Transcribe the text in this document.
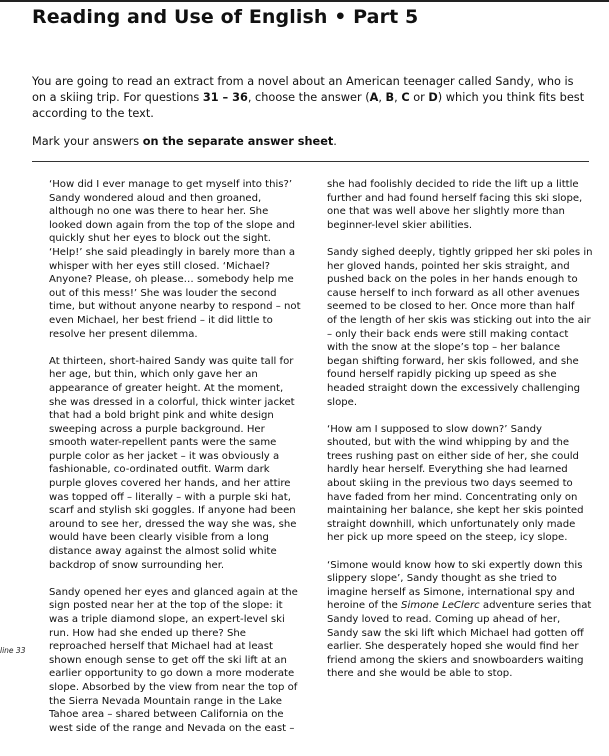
Reading and Use of English • Part 5

You are going to read an extract from a novel about an American teenager called Sandy, who is on a skiing trip. For questions 31 – 36, choose the answer (A, B, C or D) which you think fits best according to the text.

Mark your answers on the separate answer sheet.

line 33

‘How did I ever manage to get myself into this?’
Sandy wondered aloud and then groaned,
although no one was there to hear her. She
looked down again from the top of the slope and
quickly shut her eyes to block out the sight.
‘Help!’ she said pleadingly in barely more than a
whisper with her eyes still closed. ‘Michael?
Anyone? Please, oh please… somebody help me
out of this mess!’ She was louder the second
time, but without anyone nearby to respond – not
even Michael, her best friend – it did little to
resolve her present dilemma.

At thirteen, short-haired Sandy was quite tall for
her age, but thin, which only gave her an
appearance of greater height. At the moment,
she was dressed in a colorful, thick winter jacket
that had a bold bright pink and white design
sweeping across a purple background. Her
smooth water-repellent pants were the same
purple color as her jacket – it was obviously a
fashionable, co-ordinated outfit. Warm dark
purple gloves covered her hands, and her attire
was topped off – literally – with a purple ski hat,
scarf and stylish ski goggles. If anyone had been
around to see her, dressed the way she was, she
would have been clearly visible from a long
distance away against the almost solid white
backdrop of snow surrounding her.

Sandy opened her eyes and glanced again at the
sign posted near her at the top of the slope: it
was a triple diamond slope, an expert-level ski
run. How had she ended up there? She
reproached herself that Michael had at least
shown enough sense to get off the ski lift at an
earlier opportunity to go down a more moderate
slope. Absorbed by the view from near the top of
the Sierra Nevada Mountain range in the Lake
Tahoe area – shared between California on the
west side of the range and Nevada on the east –

she had foolishly decided to ride the lift up a little
further and had found herself facing this ski slope,
one that was well above her slightly more than
beginner-level skier abilities.

Sandy sighed deeply, tightly gripped her ski poles in
her gloved hands, pointed her skis straight, and
pushed back on the poles in her hands enough to
cause herself to inch forward as all other avenues
seemed to be closed to her. Once more than half
of the length of her skis was sticking out into the air
– only their back ends were still making contact
with the snow at the slope’s top – her balance
began shifting forward, her skis followed, and she
found herself rapidly picking up speed as she
headed straight down the excessively challenging
slope.

‘How am I supposed to slow down?’ Sandy
shouted, but with the wind whipping by and the
trees rushing past on either side of her, she could
hardly hear herself. Everything she had learned
about skiing in the previous two days seemed to
have faded from her mind. Concentrating only on
maintaining her balance, she kept her skis pointed
straight downhill, which unfortunately only made
her pick up more speed on the steep, icy slope.

‘Simone would know how to ski expertly down this
slippery slope’, Sandy thought as she tried to
imagine herself as Simone, international spy and
heroine of the Simone LeClerc adventure series that
Sandy loved to read. Coming up ahead of her,
Sandy saw the ski lift which Michael had gotten off
earlier. She desperately hoped she would find her
friend among the skiers and snowboarders waiting
there and she would be able to stop.
